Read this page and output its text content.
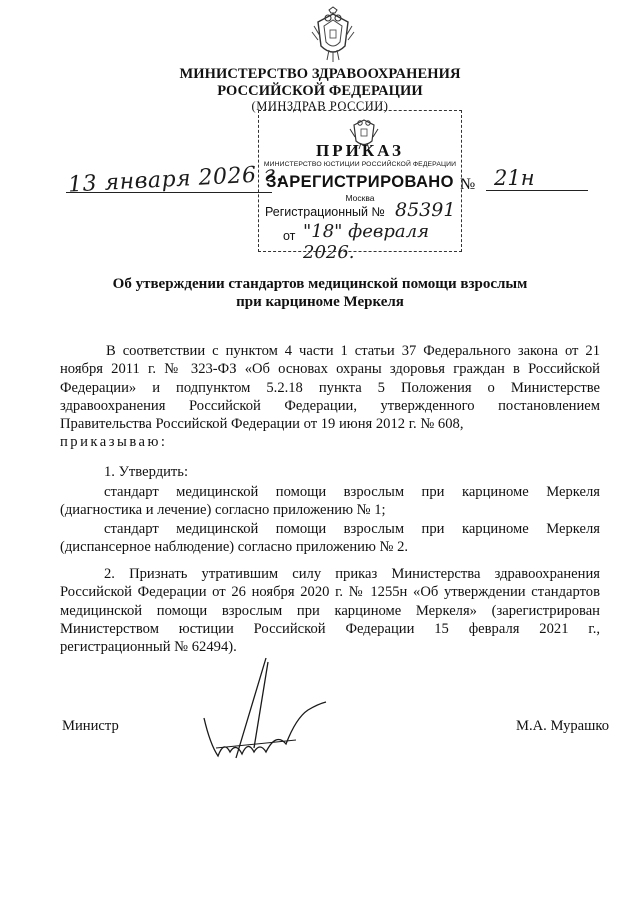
МИНИСТЕРСТВО ЗДРАВООХРАНЕНИЯ
РОССИЙСКОЙ ФЕДЕРАЦИИ
(МИНЗДРАВ РОССИИ)
13 января 2026 г.	№ 21н
ПРИКАЗ
МИНИСТЕРСТВО ЮСТИЦИИ РОССИЙСКОЙ ФЕДЕРАЦИИ
ЗАРЕГИСТРИРОВАНО
Москва
Регистрационный № 85391
от "18" февраля 2026.
Об утверждении стандартов медицинской помощи взрослым
при карциноме Меркеля
В соответствии с пунктом 4 части 1 статьи 37 Федерального закона от 21 ноября 2011 г. № 323-ФЗ «Об основах охраны здоровья граждан в Российской Федерации» и подпунктом 5.2.18 пункта 5 Положения о Министерстве здравоохранения Российской Федерации, утвержденного постановлением Правительства Российской Федерации от 19 июня 2012 г. № 608,
приказываю:
1. Утвердить:
стандарт медицинской помощи взрослым при карциноме Меркеля (диагностика и лечение) согласно приложению № 1;
стандарт медицинской помощи взрослым при карциноме Меркеля (диспансерное наблюдение) согласно приложению № 2.
2. Признать утратившим силу приказ Министерства здравоохранения Российской Федерации от 26 ноября 2020 г. № 1255н «Об утверждении стандартов медицинской помощи взрослым при карциноме Меркеля» (зарегистрирован Министерством юстиции Российской Федерации 15 февраля 2021 г., регистрационный № 62494).
Министр	М.А. Мурашко
